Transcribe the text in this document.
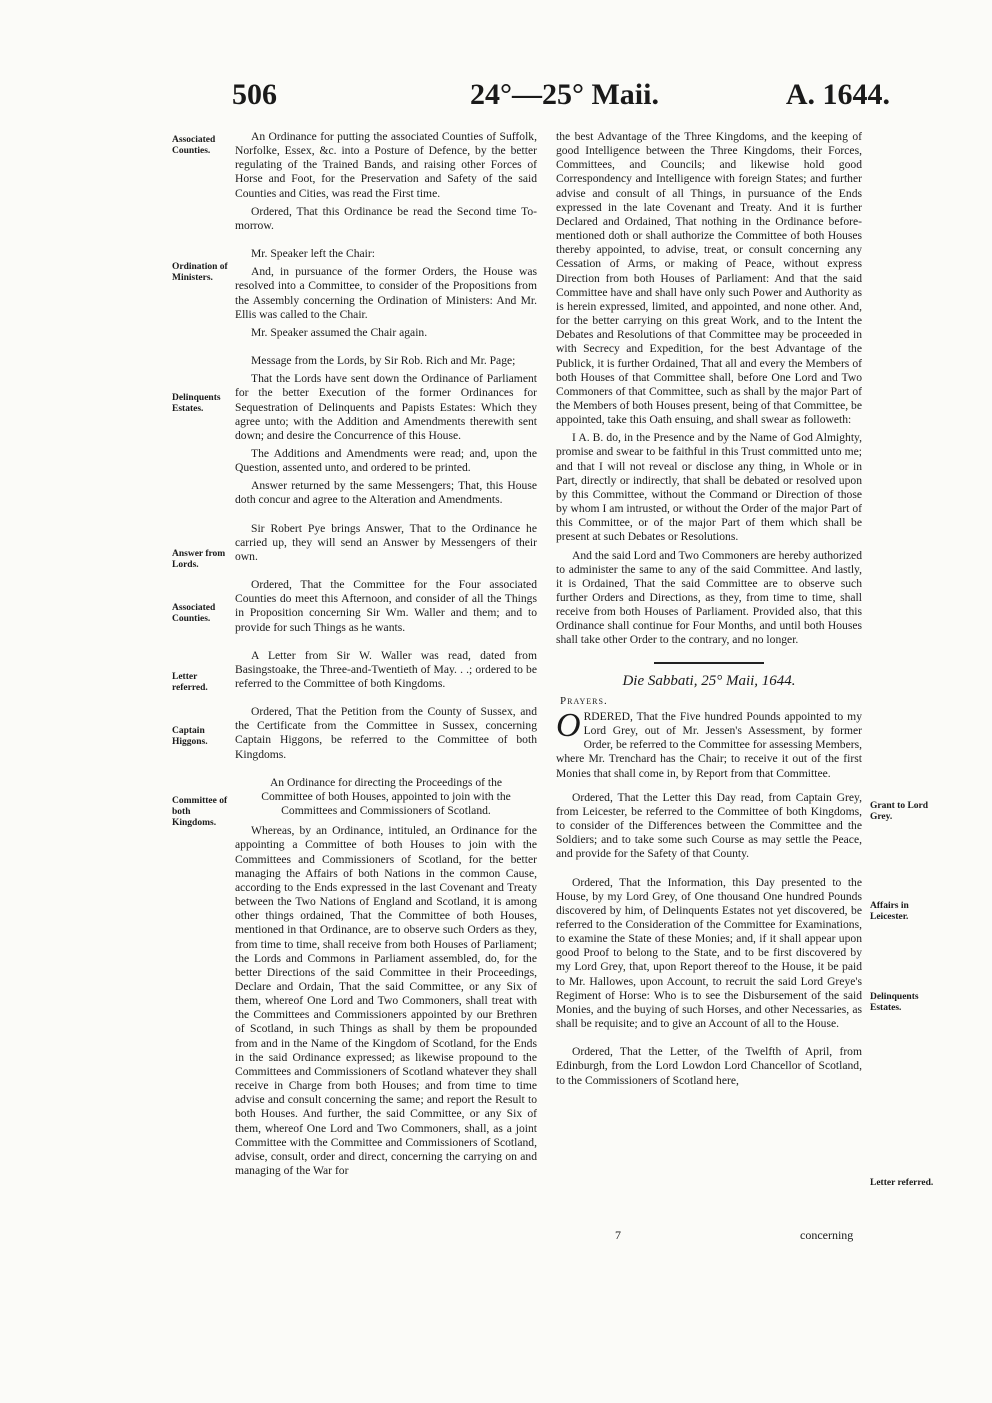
506	24°—25° Maii.	A. 1644.

An Ordinance for putting the associated Counties of Suffolk, Norfolke, Essex, &c. into a Posture of Defence, by the better regulating of the Trained Bands, and raising other Forces of Horse and Foot, for the Preservation and Safety of the said Counties and Cities, was read the First time.

Ordered, That this Ordinance be read the Second time To-morrow.

Mr. Speaker left the Chair:

And, in pursuance of the former Orders, the House was resolved into a Committee, to consider of the Propositions from the Assembly concerning the Ordination of Ministers: And Mr. Ellis was called to the Chair.

Mr. Speaker assumed the Chair again.

Message from the Lords, by Sir Rob. Rich and Mr. Page;

That the Lords have sent down the Ordinance of Parliament for the better Execution of the former Ordinances for Sequestration of Delinquents and Papists Estates: Which they agree unto; with the Addition and Amendments therewith sent down; and desire the Concurrence of this House.

The Additions and Amendments were read; and, upon the Question, assented unto, and ordered to be printed.

Answer returned by the same Messengers; That, this House doth concur and agree to the Alteration and Amendments.

Sir Robert Pye brings Answer, That to the Ordinance he carried up, they will send an Answer by Messengers of their own.

Ordered, That the Committee for the Four associated Counties do meet this Afternoon, and consider of all the Things in Proposition concerning Sir Wm. Waller and them; and to provide for such Things as he wants.

A Letter from Sir W. Waller was read, dated from Basingstoake, the Three-and-Twentieth of May. . .; ordered to be referred to the Committee of both Kingdoms.

Ordered, That the Petition from the County of Sussex, and the Certificate from the Committee in Sussex, concerning Captain Higgons, be referred to the Committee of both Kingdoms.

An Ordinance for directing the Proceedings of the Committee of both Houses, appointed to join with the Committees and Commissioners of Scotland.

Whereas, by an Ordinance, intituled, an Ordinance for the appointing a Committee of both Houses to join with the Committees and Commissioners of Scotland, for the better managing the Affairs of both Nations in the common Cause, according to the Ends expressed in the last Covenant and Treaty between the Two Nations of England and Scotland, it is among other things ordained, That the Committee of both Houses, mentioned in that Ordinance, are to observe such Orders as they, from time to time, shall receive from both Houses of Parliament; the Lords and Commons in Parliament assembled, do, for the better Directions of the said Committee in their Proceedings, Declare and Ordain, That the said Committee, or any Six of them, whereof One Lord and Two Commoners, shall treat with the Committees and Commissioners appointed by our Brethren of Scotland, in such Things as shall by them be propounded from and in the Name of the Kingdom of Scotland, for the Ends in the said Ordinance expressed; as likewise propound to the Committees and Commissioners of Scotland whatever they shall receive in Charge from both Houses; and from time to time advise and consult concerning the same; and report the Result to both Houses. And further, the said Committee, or any Six of them, whereof One Lord and Two Commoners, shall, as a joint Committee with the Committee and Commissioners of Scotland, advise, consult, order and direct, concerning the carrying on and managing of the War for

the best Advantage of the Three Kingdoms, and the keeping of good Intelligence between the Three Kingdoms, their Forces, Committees, and Councils; and likewise hold good Correspondency and Intelligence with foreign States; and further advise and consult of all Things, in pursuance of the Ends expressed in the late Covenant and Treaty. And it is further Declared and Ordained, That nothing in the Ordinance before-mentioned doth or shall authorize the Committee of both Houses thereby appointed, to advise, treat, or consult concerning any Cessation of Arms, or making of Peace, without express Direction from both Houses of Parliament: And that the said Committee have and shall have only such Power and Authority as is herein expressed, limited, and appointed, and none other. And, for the better carrying on this great Work, and to the Intent the Debates and Resolutions of that Committee may be proceeded in with Secrecy and Expedition, for the best Advantage of the Publick, it is further Ordained, That all and every the Members of both Houses of that Committee shall, before One Lord and Two Commoners of that Committee, such as shall by the major Part of the Members of both Houses present, being of that Committee, be appointed, take this Oath ensuing, and shall swear as followeth:

I A. B. do, in the Presence and by the Name of God Almighty, promise and swear to be faithful in this Trust committed unto me; and that I will not reveal or disclose any thing, in Whole or in Part, directly or indirectly, that shall be debated or resolved upon by this Committee, without the Command or Direction of those by whom I am intrusted, or without the Order of the major Part of this Committee, or of the major Part of them which shall be present at such Debates or Resolutions.

And the said Lord and Two Commoners are hereby authorized to administer the same to any of the said Committee. And lastly, it is Ordained, That the said Committee are to observe such further Orders and Directions, as they, from time to time, shall receive from both Houses of Parliament. Provided also, that this Ordinance shall continue for Four Months, and until both Houses shall take other Order to the contrary, and no longer.

Die Sabbati, 25° Maii, 1644.

Prayers.

ORDERED, That the Five hundred Pounds appointed to my Lord Grey, out of Mr. Jessen's Assessment, by former Order, be referred to the Committee for assessing Members, where Mr. Trenchard has the Chair; to receive it out of the first Monies that shall come in, by Report from that Committee.

Ordered, That the Letter this Day read, from Captain Grey, from Leicester, be referred to the Committee of both Kingdoms, to consider of the Differences between the Committee and the Soldiers; and to take some such Course as may settle the Peace, and provide for the Safety of that County.

Ordered, That the Information, this Day presented to the House, by my Lord Grey, of One thousand One hundred Pounds discovered by him, of Delinquents Estates not yet discovered, be referred to the Consideration of the Committee for Examinations, to examine the State of these Monies; and, if it shall appear upon good Proof to belong to the State, and to be first discovered by my Lord Grey, that, upon Report thereof to the House, it be paid to Mr. Hallowes, upon Account, to recruit the said Lord Greye's Regiment of Horse: Who is to see the Disbursement of the said Monies, and the buying of such Horses, and other Necessaries, as shall be requisite; and to give an Account of all to the House.

Ordered, That the Letter, of the Twelfth of April, from Edinburgh, from the Lord Lowdon Lord Chancellor of Scotland, to the Commissioners of Scotland here,

Associated Counties.
Ordination of Ministers.
Delinquents Estates.
Answer from Lords.
Associated Counties.
Letter referred.
Captain Higgons.
Committee of both Kingdoms.
Grant to Lord Grey.
Affairs in Leicester.
Delinquents Estates.
Letter referred.
7	concerning
